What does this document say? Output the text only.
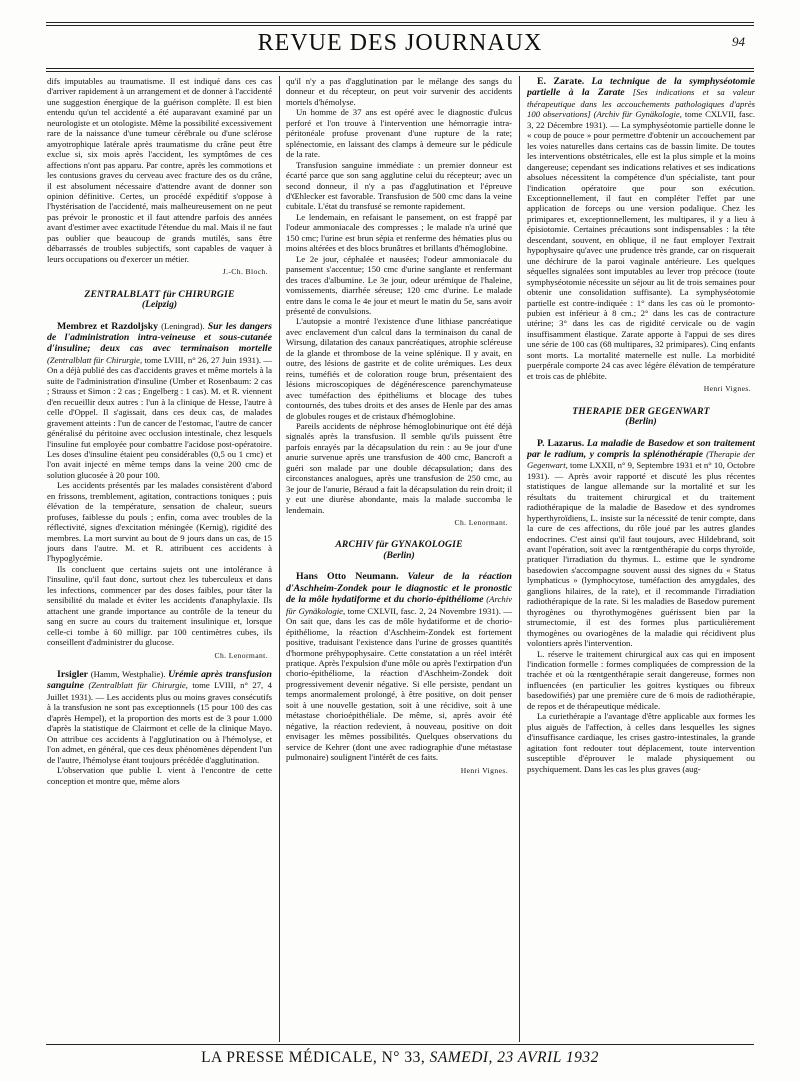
REVUE DES JOURNAUX	94

difs imputables au traumatisme. Il est indiqué dans ces cas d'arriver rapidement à un arrangement et de donner à l'accidenté une suggestion énergique de la guérison complète. Il est bien entendu qu'un tel accidenté a été auparavant examiné par un neurologiste et un otologiste. Même la possibilité excessivement rare de la naissance d'une tumeur cérébrale ou d'une sclérose amyotrophique latérale après traumatisme du crâne peut être exclue si, six mois après l'accident, les symptômes de ces affections n'ont pas apparu. Par contre, après les commotions et les contusions graves du cerveau avec fracture des os du crâne, il est absolument nécessaire d'attendre avant de donner son opinion définitive. Certes, un procédé expéditif s'oppose à l'hystérisation de l'accidenté, mais malheureusement on ne peut pas prévoir le pronostic et il faut attendre parfois des années avant d'estimer avec exactitude l'étendue du mal. Mais il ne faut pas oublier que beaucoup de grands mutilés, sans être débarrassés de troubles subjectifs, sont capables de vaquer à leurs occupations ou d'exercer un métier.

J.-Ch. Bloch.
ZENTRALBLATT für CHIRURGIE
(Leipzig)

Membrez et Razdoljsky (Leningrad). Sur les dangers de l'administration intra-veineuse et sous-cutanée d'insuline; deux cas avec terminaison mortelle (Zentralblatt für Chirurgie, tome LVIII, n° 26, 27 Juin 1931). — On a déjà publié des cas d'accidents graves et même mortels à la suite de l'administration d'insuline (Umber et Rosenbaum: 2 cas ; Strauss et Simon : 2 cas ; Engelberg : 1 cas). M. et R. viennent d'en recueillir deux autres : l'un à la clinique de Hesse, l'autre à celle d'Oppel. Il s'agissait, dans ces deux cas, de malades gravement atteints : l'un de cancer de l'estomac, l'autre de cancer généralisé du péritoine avec occlusion intestinale, chez lesquels l'insuline fut employée pour combattre l'acidose post-opératoire. Les doses d'insuline étaient peu considérables (0,5 ou 1 cmc) et l'on avait injecté en même temps dans la veine 200 cmc de solution glucosée à 20 pour 100.

Les accidents présentés par les malades consistèrent d'abord en frissons, tremblement, agitation, contractions toniques ; puis élévation de la température, sensation de chaleur, sueurs profuses, faiblesse du pouls ; enfin, coma avec troubles de la réflectivité, signes d'excitation méningée (Kernig), rigidité des membres. La mort survint au bout de 9 jours dans un cas, de 15 jours dans l'autre. M. et R. attribuent ces accidents à l'hypoglycémie.

Ils concluent que certains sujets ont une intolérance à l'insuline, qu'il faut donc, surtout chez les tuberculeux et dans les infections, commencer par des doses faibles, pour tâter la sensibilité du malade et éviter les accidents d'anaphylaxie. Ils attachent une grande importance au contrôle de la teneur du sang en sucre au cours du traitement insulinique et, lorsque celle-ci tombe à 60 milligr. par 100 centimètres cubes, ils conseillent d'administrer du glucose.

Ch. Lenormant.

Irsigler (Hamm, Westphalie). Urémie après transfusion sanguine (Zentralblatt für Chirurgie, tome LVIII, n° 27, 4 Juillet 1931). — Les accidents plus ou moins graves consécutifs à la transfusion ne sont pas exceptionnels (15 pour 100 des cas d'après Hempel), et la proportion des morts est de 3 pour 1.000 d'après la statistique de Clairmont et celle de la clinique Mayo. On attribue ces accidents à l'agglutination ou à l'hémolyse, et l'on admet, en général, que ces deux phénomènes dépendent l'un de l'autre, l'hémolyse étant toujours précédée d'agglutination.

L'observation que publie I. vient à l'encontre de cette conception et montre que, même alors

qu'il n'y a pas d'agglutination par le mélange des sangs du donneur et du récepteur, on peut voir survenir des accidents mortels d'hémolyse.

Un homme de 37 ans est opéré avec le diagnostic d'ulcus perforé et l'on trouve à l'intervention une hémorragie intra-péritonéale profuse provenant d'une rupture de la rate; splénectomie, en laissant des clamps à demeure sur le pédicule de la rate.

Transfusion sanguine immédiate : un premier donneur est écarté parce que son sang agglutine celui du récepteur; avec un second donneur, il n'y a pas d'agglutination et l'épreuve d'Œhlecker est favorable. Transfusion de 500 cmc dans la veine cubitale. L'état du transfusé se remonte rapidement.

Le lendemain, en refaisant le pansement, on est frappé par l'odeur ammoniacale des compresses ; le malade n'a uriné que 150 cmc; l'urine est brun sépia et renferme des hématies plus ou moins altérées et des blocs brunâtres et brillants d'hémoglobine.

Le 2e jour, céphalée et nausées; l'odeur ammoniacale du pansement s'accentue; 150 cmc d'urine sanglante et renfermant des traces d'albumine. Le 3e jour, odeur urémique de l'haleine, vomissements, diarrhée séreuse; 120 cmc d'urine. Le malade entre dans le coma le 4e jour et meurt le matin du 5e, sans avoir présenté de convulsions.

L'autopsie a montré l'existence d'une lithiase pancréatique avec enclavement d'un calcul dans la terminaison du canal de Wirsung, dilatation des canaux pancréatiques, atrophie scléreuse de la glande et thrombose de la veine splénique. Il y avait, en outre, des lésions de gastrite et de colite urémiques. Les deux reins, tuméfiés et de coloration rouge brun, présentaient des lésions microscopiques de dégénérescence parenchymateuse avec tuméfaction des épithéliums et blocage des tubes contournés, des tubes droits et des anses de Henle par des amas de globules rouges et de cristaux d'hémoglobine.

Pareils accidents de néphrose hémoglobinurique ont été déjà signalés après la transfusion. Il semble qu'ils puissent être parfois enrayés par la décapsulation du rein : au 9e jour d'une anurie survenue après une transfusion de 400 cmc, Bancroft a guéri son malade par une double décapsulation; dans des circonstances analogues, après une transfusion de 250 cmc, au 3e jour de l'anurie, Béraud a fait la décapsulation du rein droit; il y eut une diurèse abondante, mais la malade succomba le lendemain.

Ch. Lenormant.
ARCHIV für GYNAKOLOGIE
(Berlin)

Hans Otto Neumann. Valeur de la réaction d'Aschheim-Zondek pour le diagnostic et le pronostic de la môle hydatiforme et du chorio-épithéliome (Archiv für Gynäkologie, tome CXLVII, fasc. 2, 24 Novembre 1931). — On sait que, dans les cas de môle hydatiforme et de chorio-épithéliome, la réaction d'Aschheim-Zondek est fortement positive, traduisant l'existence dans l'urine de grosses quantités d'hormone préhypophysaire. Cette constatation a un réel intérêt pratique. Après l'expulsion d'une môle ou après l'extirpation d'un chorio-épithéliome, la réaction d'Aschheim-Zondek doit progressivement devenir négative. Si elle persiste, pendant un temps anormalement prolongé, à être positive, on doit penser soit à une nouvelle gestation, soit à une récidive, soit à une métastase chorioépithéliale. De même, si, après avoir été négative, la réaction redevient, à nouveau, positive on doit envisager les mêmes possibilités. Quelques observations du service de Kehrer (dont une avec radiographie d'une métastase pulmonaire) soulignent l'intérêt de ces faits.

Henri Vignes.

E. Zarate. La technique de la symphyséotomie partielle à la Zarate [Ses indications et sa valeur thérapeutique dans les accouchements pathologiques d'après 100 observations] (Archiv für Gynäkologie, tome CXLVII, fasc. 3, 22 Décembre 1931). — La symphyséotomie partielle donne le « coup de pouce » pour permettre d'obtenir un accouchement par les voies naturelles dans certains cas de bassin limite. De toutes les interventions obstétricales, elle est la plus simple et la moins dangereuse; cependant ses indications relatives et ses indications absolues nécessitent la compétence d'un spécialiste, tant pour l'indication opératoire que pour son exécution. Exceptionnellement, il faut en compléter l'effet par une application de forceps ou une version podalique. Chez les primipares et, exceptionnellement, les multipares, il y a lieu à épisiotomie. Certaines précautions sont indispensables : la tête descendant, souvent, en oblique, il ne faut employer l'extrait hypophysaire qu'avec une prudence très grande, car on risquerait une déchirure de la paroi vaginale antérieure. Les quelques séquelles signalées sont imputables au lever trop précoce (toute symphyséotomie nécessite un séjour au lit de trois semaines pour obtenir une consolidation suffisante). La symphyséotomie partielle est contre-indiquée : 1° dans les cas où le promonto-pubien est inférieur à 8 cm.; 2° dans les cas de contracture utérine; 3° dans les cas de rigidité cervicale ou de vagin insuffisamment élastique. Zarate apporte à l'appui de ses dires une série de 100 cas (68 multipares, 32 primipares). Cinq enfants sont morts. La mortalité maternelle est nulle. La morbidité puerpérale comporte 24 cas avec légère élévation de température et trois cas de phlébite.

Henri Vignes.
THERAPIE DER GEGENWART
(Berlin)

P. Lazarus. La maladie de Basedow et son traitement par le radium, y compris la splénothérapie (Therapie der Gegenwart, tome LXXII, n° 9, Septembre 1931 et n° 10, Octobre 1931). — Après avoir rapporté et discuté les plus récentes statistiques de langue allemande sur la mortalité et sur les résultats du traitement chirurgical et du traitement radiothérapique de la maladie de Basedow et des syndromes hyperthyroïdiens, L. insiste sur la nécessité de tenir compte, dans la cure de ces affections, du rôle joué par les autres glandes endocrines. C'est ainsi qu'il faut toujours, avec Hildebrand, soit avant l'opération, soit avec la rœntgenthérapie du corps thyroïde, pratiquer l'irradiation du thymus. L. estime que le syndrome basedowien s'accompagne souvent aussi des signes du « Status lymphaticus » (lymphocytose, tuméfaction des amygdales, des ganglions hilaires, de la rate), et il recommande l'irradiation radiothérapique de la rate. Si les maladies de Basedow purement thyrogènes ou thyrothymogènes guérissent bien par la strumectomie, il est des formes plus particulièrement thymogènes ou ovariogènes de la maladie qui récidivent plus volontiers après l'intervention.

L. réserve le traitement chirurgical aux cas qui en imposent l'indication formelle : formes compliquées de compression de la trachée et où la rœntgenthérapie serait dangereuse, formes non influencées (en particulier les goitres kystiques ou fibreux basedowifiés) par une première cure de 6 mois de radiothérapie, de repos et de thérapeutique médicale.

La curiethérapie a l'avantage d'être applicable aux formes les plus aiguës de l'affection, à celles dans lesquelles les signes d'insuffisance cardiaque, les crises gastro-intestinales, la grande agitation font redouter tout déplacement, toute intervention susceptible d'éprouver le malade physiquement ou psychiquement. Dans les cas les plus graves (aug-

LA PRESSE MÉDICALE, N° 33, SAMEDI, 23 AVRIL 1932
